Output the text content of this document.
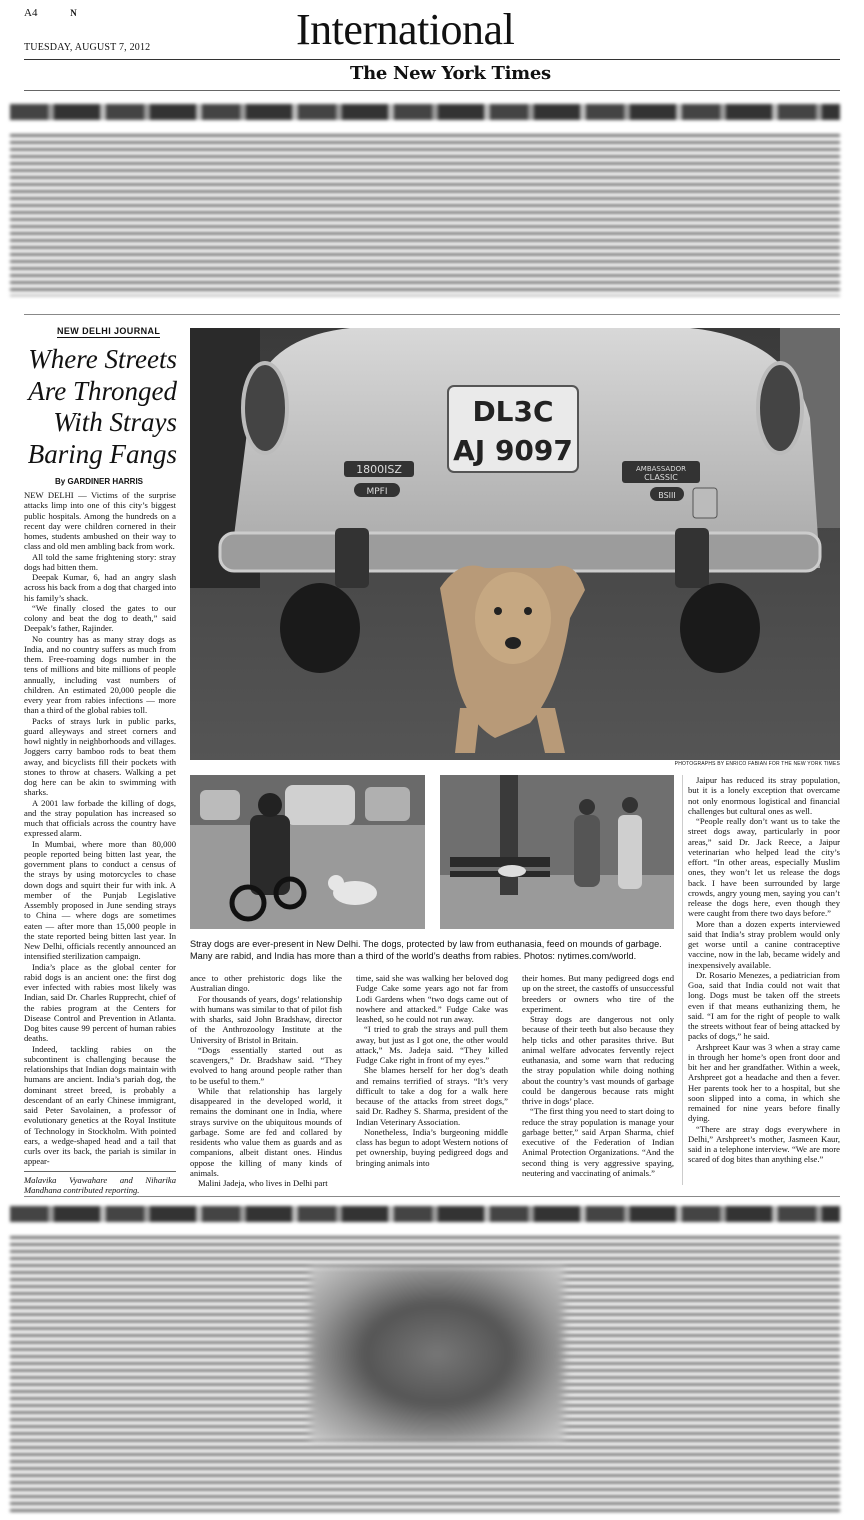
A4	N
TUESDAY, AUGUST 7, 2012	International
The New York Times
NEW DELHI JOURNAL
Where Streets
Are Thronged
With Strays
Baring Fangs
By GARDINER HARRIS

NEW DELHI — Victims of the surprise attacks limp into one of this city’s biggest public hospitals. Among the hundreds on a recent day were children cornered in their homes, students ambushed on their way to class and old men ambling back from work.

All told the same frightening story: stray dogs had bitten them.

Deepak Kumar, 6, had an angry slash across his back from a dog that charged into his family’s shack.

“We finally closed the gates to our colony and beat the dog to death,” said Deepak’s father, Rajinder.

No country has as many stray dogs as India, and no country suffers as much from them. Free-roaming dogs number in the tens of millions and bite millions of people annually, including vast numbers of children. An estimated 20,000 people die every year from rabies infections — more than a third of the global rabies toll.

Packs of strays lurk in public parks, guard alleyways and street corners and howl nightly in neighborhoods and villages. Joggers carry bamboo rods to beat them away, and bicyclists fill their pockets with stones to throw at chasers. Walking a pet dog here can be akin to swimming with sharks.

A 2001 law forbade the killing of dogs, and the stray population has increased so much that officials across the country have expressed alarm.

In Mumbai, where more than 80,000 people reported being bitten last year, the government plans to conduct a census of the strays by using motorcycles to chase down dogs and squirt their fur with ink. A member of the Punjab Legislative Assembly proposed in June sending strays to China — where dogs are sometimes eaten — after more than 15,000 people in the state reported being bitten last year. In New Delhi, officials recently announced an intensified sterilization campaign.

India’s place as the global center for rabid dogs is an ancient one: the first dog ever infected with rabies most likely was Indian, said Dr. Charles Rupprecht, chief of the rabies program at the Centers for Disease Control and Prevention in Atlanta. Dog bites cause 99 percent of human rabies deaths.

Indeed, tackling rabies on the subcontinent is challenging because the relationships that Indian dogs maintain with humans are ancient. India’s pariah dog, the dominant street breed, is probably a descendant of an early Chinese immigrant, said Peter Savolainen, a professor of evolutionary genetics at the Royal Institute of Technology in Stockholm. With pointed ears, a wedge-shaped head and a tail that curls over its back, the pariah is similar in appear-

Malavika Vyawahare and Niharika Mandhana contributed reporting.
DL3C
AJ 9097
1800ISZ
MPFI
AMBASSADOR
CLASSIC
BSIII
PHOTOGRAPHS BY ENRICO FABIAN FOR THE NEW YORK TIMES
Stray dogs are ever-present in New Delhi. The dogs, protected by law from euthanasia, feed on mounds of garbage. Many are rabid, and India has more than a third of the world’s deaths from rabies. Photos: nytimes.com/world.

ance to other prehistoric dogs like the Australian dingo.

For thousands of years, dogs’ relationship with humans was similar to that of pilot fish with sharks, said John Bradshaw, director of the Anthrozoology Institute at the University of Bristol in Britain.

“Dogs essentially started out as scavengers,” Dr. Bradshaw said. “They evolved to hang around people rather than to be useful to them.”

While that relationship has largely disappeared in the developed world, it remains the dominant one in India, where strays survive on the ubiquitous mounds of garbage. Some are fed and collared by residents who value them as guards and as companions, albeit distant ones. Hindus oppose the killing of many kinds of animals.

Malini Jadeja, who lives in Delhi part

time, said she was walking her beloved dog Fudge Cake some years ago not far from Lodi Gardens when “two dogs came out of nowhere and attacked.” Fudge Cake was leashed, so he could not run away.

“I tried to grab the strays and pull them away, but just as I got one, the other would attack,” Ms. Jadeja said. “They killed Fudge Cake right in front of my eyes.”

She blames herself for her dog’s death and remains terrified of strays. “It’s very difficult to take a dog for a walk here because of the attacks from street dogs,” said Dr. Radhey S. Sharma, president of the Indian Veterinary Association.

Nonetheless, India’s burgeoning middle class has begun to adopt Western notions of pet ownership, buying pedigreed dogs and bringing animals into

their homes. But many pedigreed dogs end up on the street, the castoffs of unsuccessful breeders or owners who tire of the experiment.

Stray dogs are dangerous not only because of their teeth but also because they help ticks and other parasites thrive. But animal welfare advocates fervently reject euthanasia, and some warn that reducing the stray population while doing nothing about the country’s vast mounds of garbage could be dangerous because rats might thrive in dogs’ place.

“The first thing you need to start doing to reduce the stray population is manage your garbage better,” said Arpan Sharma, chief executive of the Federation of Indian Animal Protection Organizations. “And the second thing is very aggressive spaying, neutering and vaccinating of animals.”

Jaipur has reduced its stray population, but it is a lonely exception that overcame not only enormous logistical and financial challenges but cultural ones as well.

“People really don’t want us to take the street dogs away, particularly in poor areas,” said Dr. Jack Reece, a Jaipur veterinarian who helped lead the city’s effort. “In other areas, especially Muslim ones, they won’t let us release the dogs back. I have been surrounded by large crowds, angry young men, saying you can’t release the dogs here, even though they were caught from there two days before.”

More than a dozen experts interviewed said that India’s stray problem would only get worse until a canine contraceptive vaccine, now in the lab, became widely and inexpensively available.

Dr. Rosario Menezes, a pediatrician from Goa, said that India could not wait that long. Dogs must be taken off the streets even if that means euthanizing them, he said. “I am for the right of people to walk the streets without fear of being attacked by packs of dogs,” he said.

Arshpreet Kaur was 3 when a stray came in through her home’s open front door and bit her and her grandfather. Within a week, Arshpreet got a headache and then a fever. Her parents took her to a hospital, but she soon slipped into a coma, in which she remained for nine years before finally dying.

“There are stray dogs everywhere in Delhi,” Arshpreet’s mother, Jasmeen Kaur, said in a telephone interview. “We are more scared of dog bites than anything else.”
